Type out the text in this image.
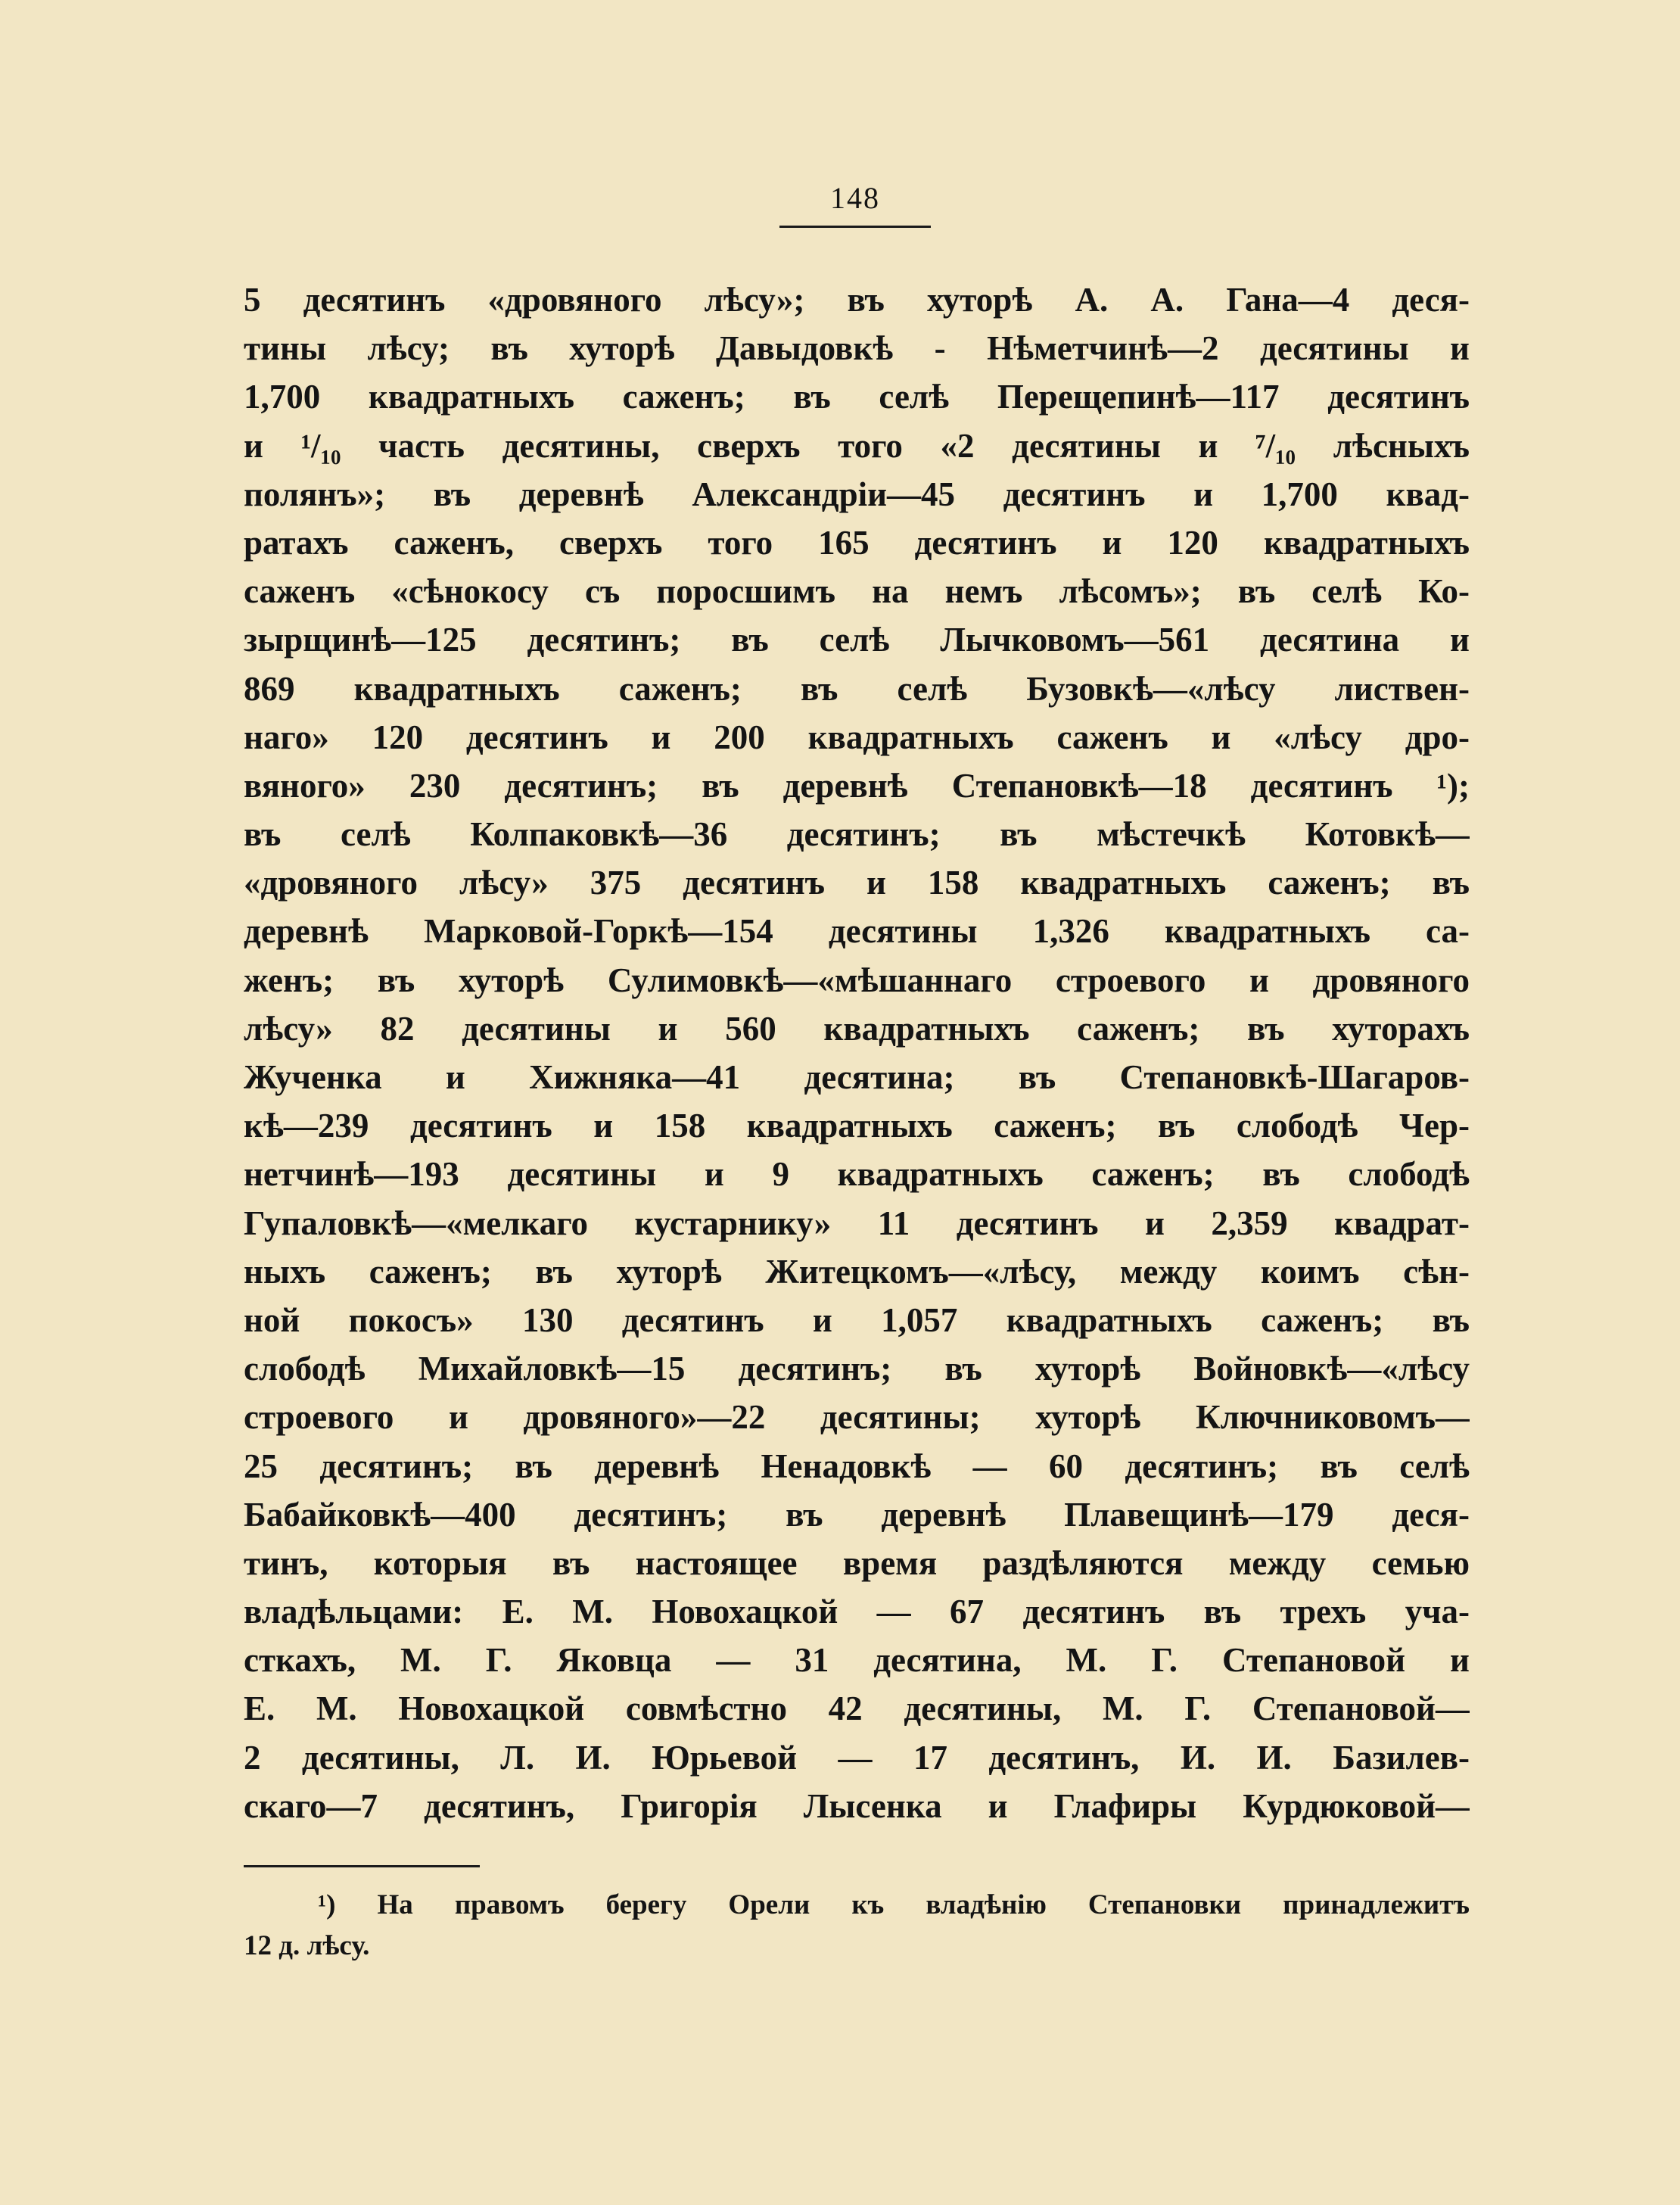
148
5 десятинъ «дровяного лѣсу»; въ хуторѣ А. А. Гана—4 деся-
тины лѣсу; въ хуторѣ Давыдовкѣ - Нѣметчинѣ—2 десятины и
1,700 квадратныхъ саженъ; въ селѣ Перещепинѣ—117 десятинъ
и ¹/₁₀ часть десятины, сверхъ того «2 десятины и ⁷/₁₀ лѣсныхъ
полянъ»; въ деревнѣ Александріи—45 десятинъ и 1,700 квад-
ратахъ саженъ, сверхъ того 165 десятинъ и 120 квадратныхъ
саженъ «сѣнокосу съ поросшимъ на немъ лѣсомъ»; въ селѣ Ко-
зырщинѣ—125 десятинъ; въ селѣ Лычковомъ—561 десятина и
869 квадратныхъ саженъ; въ селѣ Бузовкѣ—«лѣсу листвен-
наго» 120 десятинъ и 200 квадратныхъ саженъ и «лѣсу дро-
вяного» 230 десятинъ; въ деревнѣ Степановкѣ—18 десятинъ ¹);
въ селѣ Колпаковкѣ—36 десятинъ; въ мѣстечкѣ Котовкѣ—
«дровяного лѣсу» 375 десятинъ и 158 квадратныхъ саженъ; въ
деревнѣ Марковой-Горкѣ—154 десятины 1,326 квадратныхъ са-
женъ; въ хуторѣ Сулимовкѣ—«мѣшаннаго строевого и дровяного
лѣсу» 82 десятины и 560 квадратныхъ саженъ; въ хуторахъ
Жученка и Хижняка—41 десятина; въ Степановкѣ-Шагаров-
кѣ—239 десятинъ и 158 квадратныхъ саженъ; въ слободѣ Чер-
нетчинѣ—193 десятины и 9 квадратныхъ саженъ; въ слободѣ
Гупаловкѣ—«мелкаго кустарнику» 11 десятинъ и 2,359 квадрат-
ныхъ саженъ; въ хуторѣ Житецкомъ—«лѣсу, между коимъ сѣн-
ной покосъ» 130 десятинъ и 1,057 квадратныхъ саженъ; въ
слободѣ Михайловкѣ—15 десятинъ; въ хуторѣ Войновкѣ—«лѣсу
строевого и дровяного»—22 десятины; хуторѣ Ключниковомъ—
25 десятинъ; въ деревнѣ Ненадовкѣ — 60 десятинъ; въ селѣ
Бабайковкѣ—400 десятинъ; въ деревнѣ Плавещинѣ—179 деся-
тинъ, которыя въ настоящее время раздѣляются между семью
владѣльцами: Е. М. Новохацкой — 67 десятинъ въ трехъ уча-
сткахъ, М. Г. Яковца — 31 десятина, М. Г. Степановой и
Е. М. Новохацкой совмѣстно 42 десятины, М. Г. Степановой—
2 десятины, Л. И. Юрьевой — 17 десятинъ, И. И. Базилев-
скаго—7 десятинъ, Григорія Лысенка и Глафиры Курдюковой—
¹) На правомъ берегу Орели къ владѣнію Степановки принадлежитъ
12 д. лѣсу.
